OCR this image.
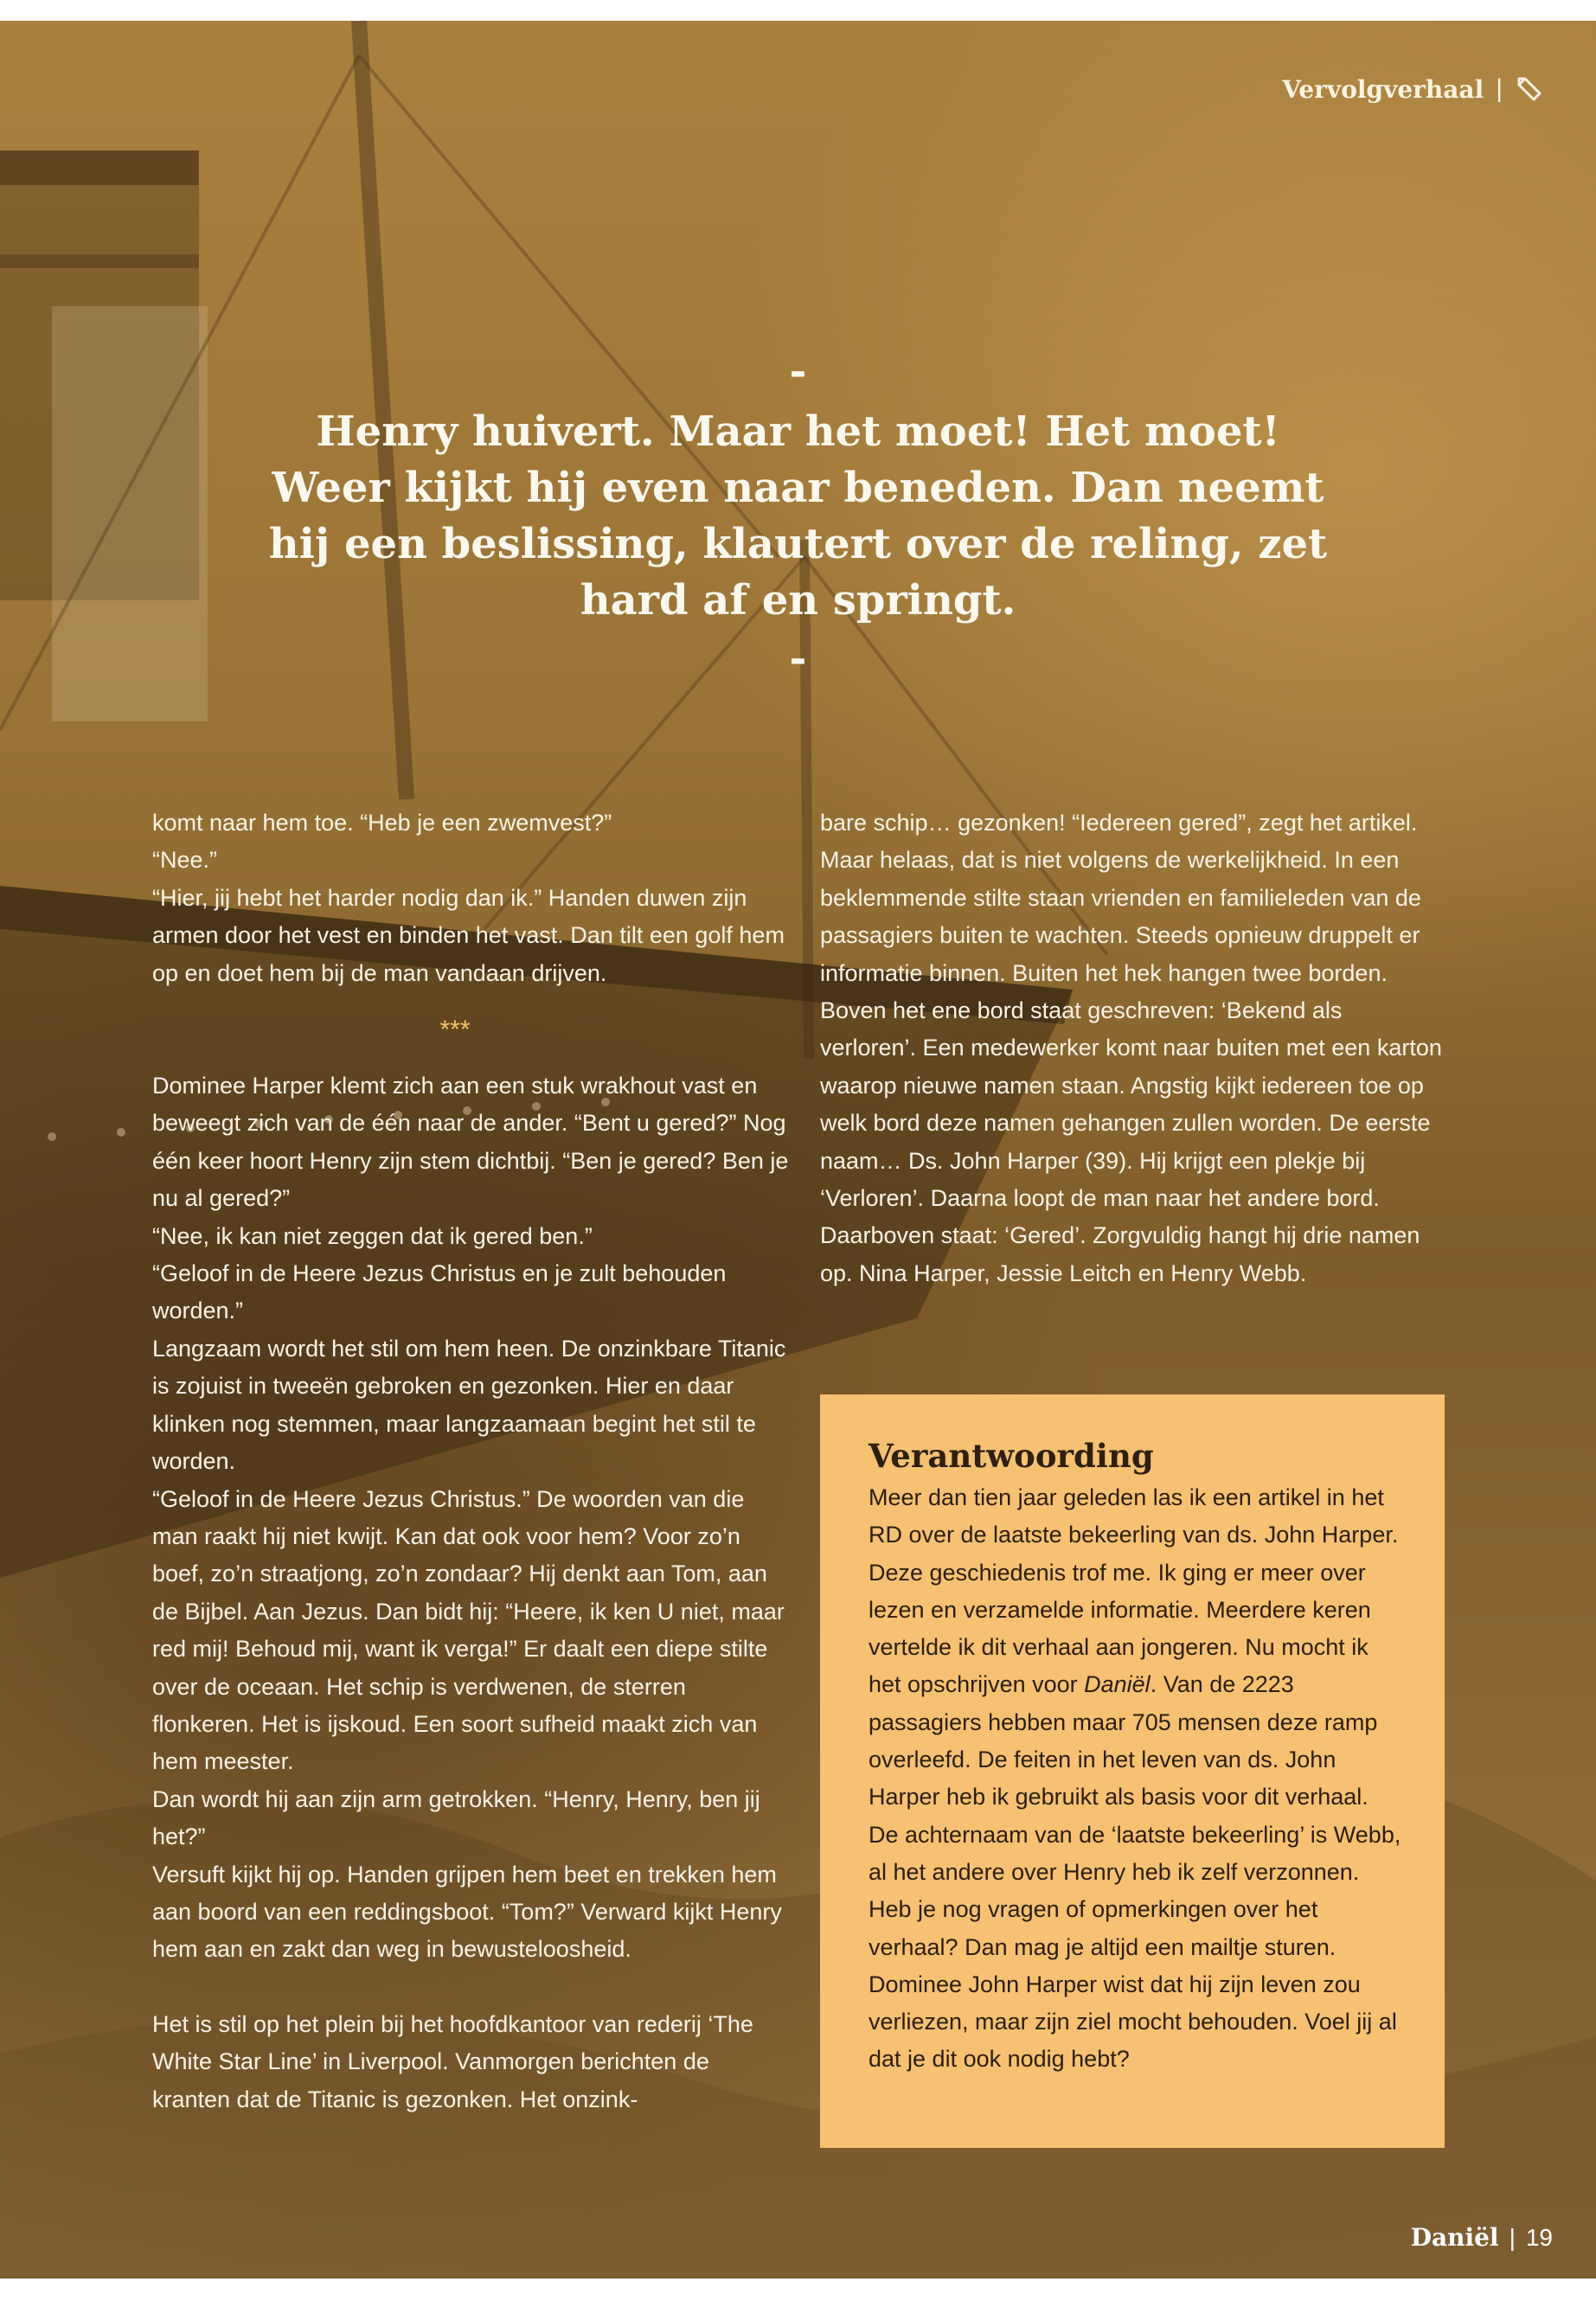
Vervolgverhaal |
-
Henry huivert. Maar het moet! Het moet! Weer kijkt hij even naar beneden. Dan neemt hij een beslissing, klautert over de reling, zet hard af en springt.
-

komt naar hem toe. “Heb je een zwemvest?”

“Nee.”

“Hier, jij hebt het harder nodig dan ik.” Handen duwen zijn armen door het vest en binden het vast. Dan tilt een golf hem op en doet hem bij de man vandaan drijven.

***

Dominee Harper klemt zich aan een stuk wrakhout vast en beweegt zich van de één naar de ander. “Bent u gered?” Nog één keer hoort Henry zijn stem dichtbij. “Ben je gered? Ben je nu al gered?”

“Nee, ik kan niet zeggen dat ik gered ben.”

“Geloof in de Heere Jezus Christus en je zult behouden worden.”

Langzaam wordt het stil om hem heen. De onzinkbare Titanic is zojuist in tweeën gebroken en gezonken. Hier en daar klinken nog stemmen, maar langzaamaan begint het stil te worden.

“Geloof in de Heere Jezus Christus.” De woorden van die man raakt hij niet kwijt. Kan dat ook voor hem? Voor zo’n boef, zo’n straatjong, zo’n zondaar? Hij denkt aan Tom, aan de Bijbel. Aan Jezus. Dan bidt hij: “Heere, ik ken U niet, maar red mij! Behoud mij, want ik verga!” Er daalt een diepe stilte over de oceaan. Het schip is verdwenen, de sterren flonkeren. Het is ijskoud. Een soort sufheid maakt zich van hem meester.

Dan wordt hij aan zijn arm getrokken. “Henry, Henry, ben jij het?”

Versuft kijkt hij op. Handen grijpen hem beet en trekken hem aan boord van een reddingsboot. “Tom?” Verward kijkt Henry hem aan en zakt dan weg in bewusteloosheid.

Het is stil op het plein bij het hoofdkantoor van rederij ‘The White Star Line’ in Liverpool. Vanmorgen berichten de kranten dat de Titanic is gezonken. Het onzink-

bare schip… gezonken! “Iedereen gered”, zegt het artikel. Maar helaas, dat is niet volgens de werkelijkheid. In een beklemmende stilte staan vrienden en familieleden van de passagiers buiten te wachten. Steeds opnieuw druppelt er informatie binnen. Buiten het hek hangen twee borden. Boven het ene bord staat geschreven: ‘Bekend als verloren’. Een medewerker komt naar buiten met een karton waarop nieuwe namen staan. Angstig kijkt iedereen toe op welk bord deze namen gehangen zullen worden. De eerste naam… Ds. John Harper (39). Hij krijgt een plekje bij ‘Verloren’. Daarna loopt de man naar het andere bord. Daarboven staat: ‘Gered’. Zorgvuldig hangt hij drie namen op. Nina Harper, Jessie Leitch en Henry Webb.

Verantwoording

Meer dan tien jaar geleden las ik een artikel in het RD over de laatste bekeerling van ds. John Harper. Deze geschiedenis trof me. Ik ging er meer over lezen en verzamelde informatie. Meerdere keren vertelde ik dit verhaal aan jongeren. Nu mocht ik het opschrijven voor Daniël. Van de 2223 passagiers hebben maar 705 mensen deze ramp overleefd. De feiten in het leven van ds. John Harper heb ik gebruikt als basis voor dit verhaal. De achternaam van de ‘laatste bekeerling’ is Webb, al het andere over Henry heb ik zelf verzonnen. Heb je nog vragen of opmerkingen over het verhaal? Dan mag je altijd een mailtje sturen. Dominee John Harper wist dat hij zijn leven zou verliezen, maar zijn ziel mocht behouden. Voel jij al dat je dit ook nodig hebt?

Daniël | 19
